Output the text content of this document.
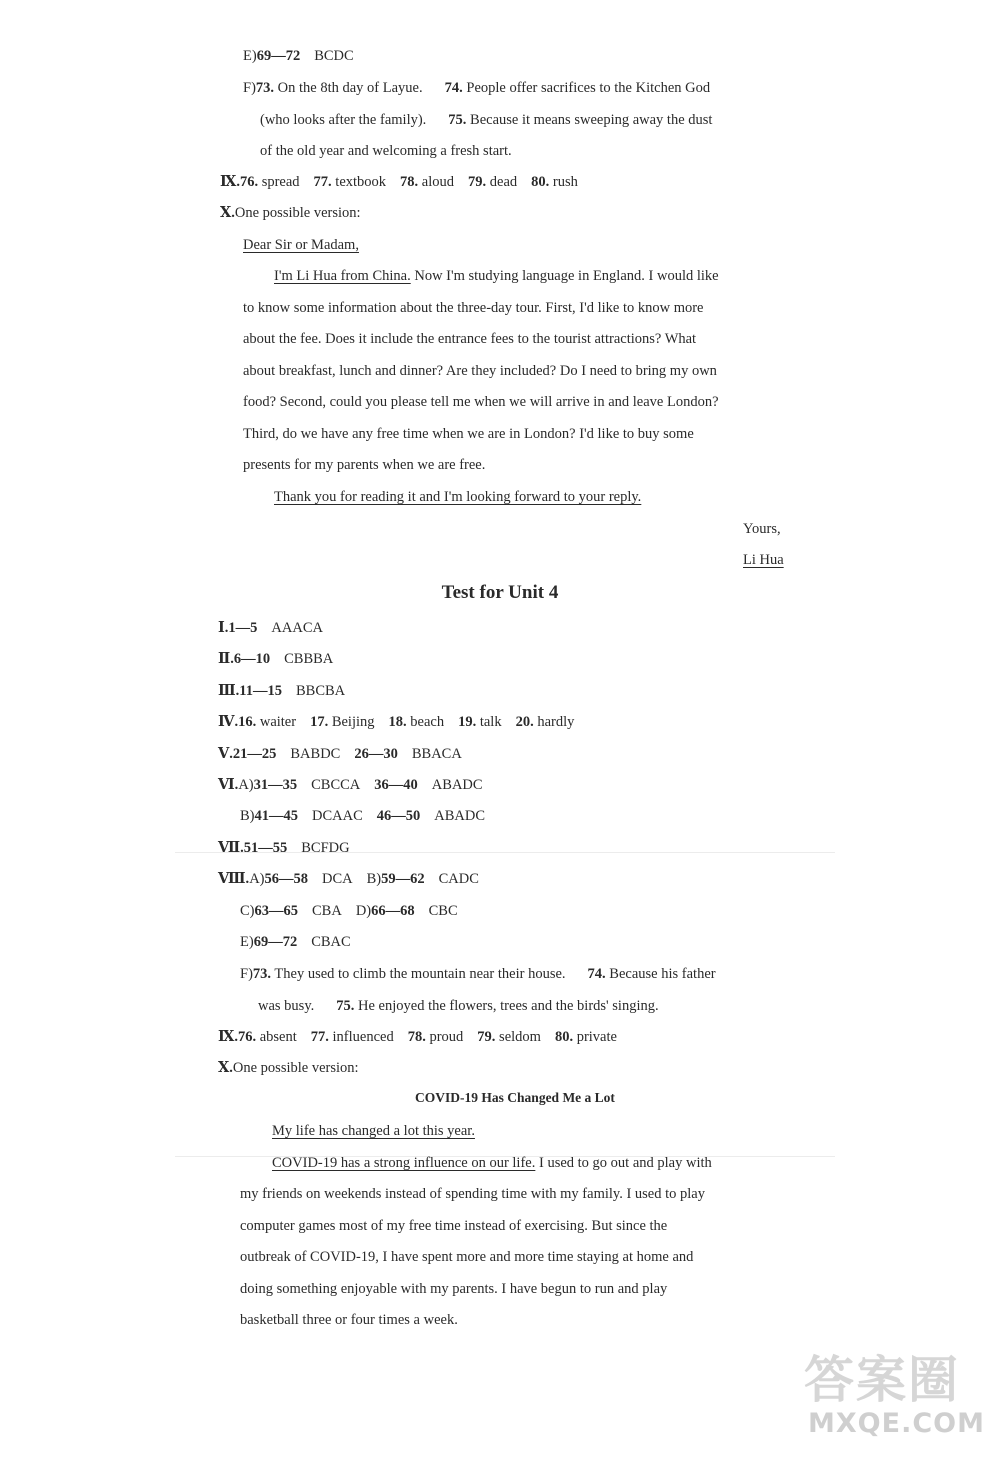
E)69—72 BCDC
F)73. On the 8th day of Layue. 74. People offer sacrifices to the Kitchen God
(who looks after the family). 75. Because it means sweeping away the dust
of the old year and welcoming a fresh start.
Ⅸ.76. spread 77. textbook 78. aloud 79. dead 80. rush
Ⅹ.One possible version:
Dear Sir or Madam,
I'm Li Hua from China. Now I'm studying language in England. I would like
to know some information about the three-day tour. First, I'd like to know more
about the fee. Does it include the entrance fees to the tourist attractions? What
about breakfast, lunch and dinner? Are they included? Do I need to bring my own
food? Second, could you please tell me when we will arrive in and leave London?
Third, do we have any free time when we are in London? I'd like to buy some
presents for my parents when we are free.
Thank you for reading it and I'm looking forward to your reply.
Yours,
Li Hua
Test for Unit 4
Ⅰ.1—5 AAACA
Ⅱ.6—10 CBBBA
Ⅲ.11—15 BBCBA
Ⅳ.16. waiter 17. Beijing 18. beach 19. talk 20. hardly
Ⅴ.21—25 BABDC 26—30 BBACA
Ⅵ.A)31—35 CBCCA 36—40 ABADC
B)41—45 DCAAC 46—50 ABADC
Ⅶ.51—55 BCFDG
Ⅷ.A)56—58 DCA B)59—62 CADC
C)63—65 CBA D)66—68 CBC
E)69—72 CBAC
F)73. They used to climb the mountain near their house. 74. Because his father
was busy. 75. He enjoyed the flowers, trees and the birds' singing.
Ⅸ.76. absent 77. influenced 78. proud 79. seldom 80. private
Ⅹ.One possible version:
COVID-19 Has Changed Me a Lot
My life has changed a lot this year.
COVID-19 has a strong influence on our life. I used to go out and play with
my friends on weekends instead of spending time with my family. I used to play
computer games most of my free time instead of exercising. But since the
outbreak of COVID-19, I have spent more and more time staying at home and
doing something enjoyable with my parents. I have begun to run and play
basketball three or four times a week.
答案圈
MXQE.COM
